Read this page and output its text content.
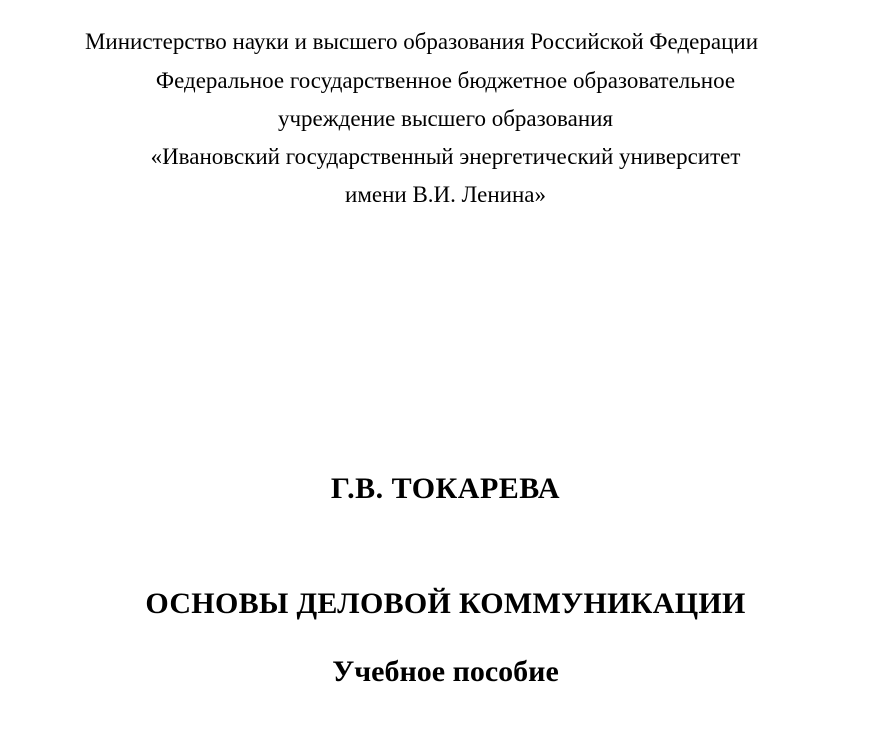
Министерство науки и высшего образования Российской Федерации
Федеральное государственное бюджетное образовательное
учреждение высшего образования
«Ивановский государственный энергетический университет
имени В.И. Ленина»
Г.В. ТОКАРЕВА
ОСНОВЫ ДЕЛОВОЙ КОММУНИКАЦИИ
Учебное пособие
